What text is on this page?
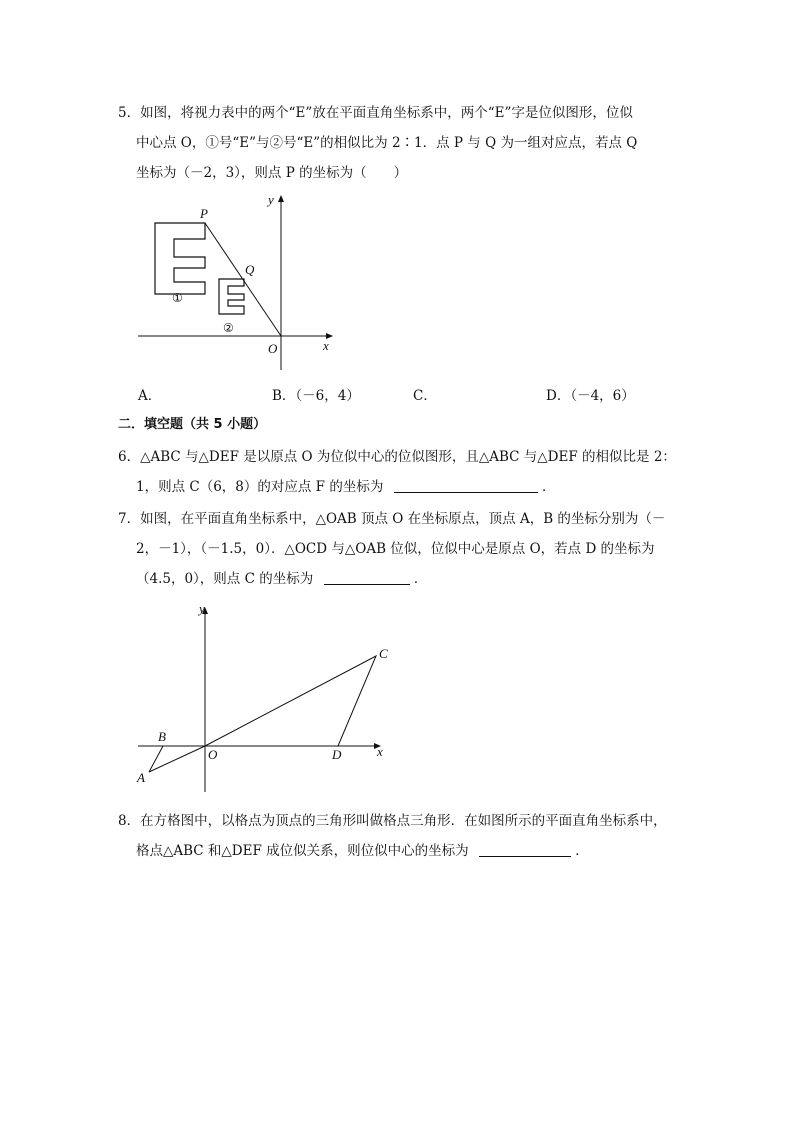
5．如图，将视力表中的两个“E”放在平面直角坐标系中，两个“E”字是位似图形，位似
中心点 O，①号“E”与②号“E”的相似比为 2∶1．点 P 与 Q 为一组对应点，若点 Q
坐标为（－2，3），则点 P 的坐标为（　　）
P
Q
O	x
y
①
②
A．	B．（－6，4）	C．	D．（－4，6）
二．填空题（共 5 小题）
6．△ABC 与△DEF 是以原点 O 为位似中心的位似图形，且△ABC 与△DEF 的相似比是 2：
1，则点 C（6，8）的对应点 F 的坐标为	．
7．如图，在平面直角坐标系中，△OAB 顶点 O 在坐标原点，顶点 A，B 的坐标分别为（－
2，－1），（－1.5，0）．△OCD 与△OAB 位似，位似中心是原点 O，若点 D 的坐标为
（4.5，0），则点 C 的坐标为	．
y
x
O
A
B
C
D
8．在方格图中，以格点为顶点的三角形叫做格点三角形．在如图所示的平面直角坐标系中，
格点△ABC 和△DEF 成位似关系，则位似中心的坐标为	．
